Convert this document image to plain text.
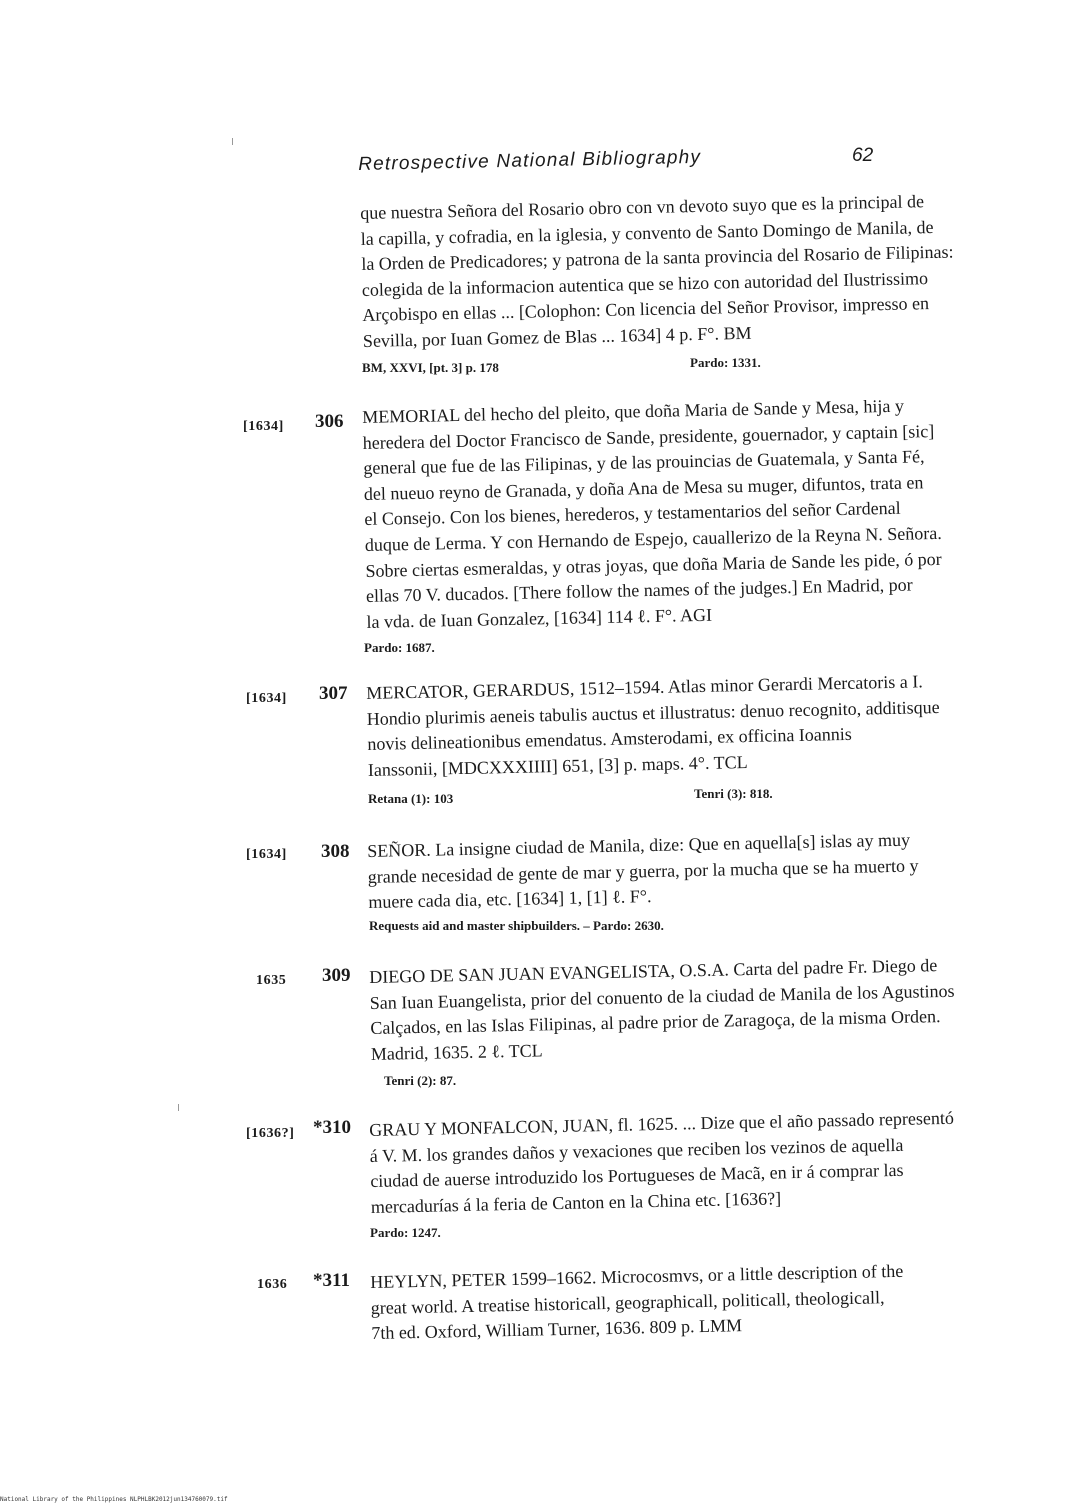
Retrospective National Bibliography	62
que nuestra Señora del Rosario obro con vn devoto suyo que es la principal de
la capilla, y cofradia, en la iglesia, y convento de Santo Domingo de Manila, de
la Orden de Predicadores; y patrona de la santa provincia del Rosario de Filipinas:
colegida de la informacion autentica que se hizo con autoridad del Ilustrissimo
Arçobispo en ellas ... [Colophon: Con licencia del Señor Provisor, impresso en
Sevilla, por Iuan Gomez de Blas ... 1634] 4 p. F°. BM
BM, XXVI, [pt. 3] p. 178	Pardo: 1331.
[1634] 306 MEMORIAL del hecho del pleito, que doña Maria de Sande y Mesa, hija y
heredera del Doctor Francisco de Sande, presidente, gouernador, y captain [sic]
general que fue de las Filipinas, y de las prouincias de Guatemala, y Santa Fé,
del nueuo reyno de Granada, y doña Ana de Mesa su muger, difuntos, trata en
el Consejo. Con los bienes, herederos, y testamentarios del señor Cardenal
duque de Lerma. Y con Hernando de Espejo, cauallerizo de la Reyna N. Señora.
Sobre ciertas esmeraldas, y otras joyas, que doña Maria de Sande les pide, ó por
ellas 70 V. ducados. [There follow the names of the judges.] En Madrid, por
la vda. de Iuan Gonzalez, [1634] 114 ℓ. F°. AGI
Pardo: 1687.
[1634] 307 MERCATOR, GERARDUS, 1512–1594. Atlas minor Gerardi Mercatoris a I.
Hondio plurimis aeneis tabulis auctus et illustratus: denuo recognito, additisque
novis delineationibus emendatus. Amsterodami, ex officina Ioannis
Ianssonii, [MDCXXXIIII] 651, [3] p. maps. 4°. TCL
Retana (1): 103	Tenri (3): 818.
[1634] 308 SEÑOR. La insigne ciudad de Manila, dize: Que en aquella[s] islas ay muy
grande necesidad de gente de mar y guerra, por la mucha que se ha muerto y
muere cada dia, etc. [1634] 1, [1] ℓ. F°.
Requests aid and master shipbuilders. – Pardo: 2630.
1635 309 DIEGO DE SAN JUAN EVANGELISTA, O.S.A. Carta del padre Fr. Diego de
San Iuan Euangelista, prior del conuento de la ciudad de Manila de los Agustinos
Calçados, en las Islas Filipinas, al padre prior de Zaragoça, de la misma Orden.
Madrid, 1635. 2 ℓ. TCL
Tenri (2): 87.
[1636?] *310 GRAU Y MONFALCON, JUAN, fl. 1625. ... Dize que el año passado representó
á V. M. los grandes daños y vexaciones que reciben los vezinos de aquella
ciudad de auerse introduzido los Portugueses de Macã, en ir á comprar las
mercadurías á la feria de Canton en la China etc. [1636?]
Pardo: 1247.
1636 *311 HEYLYN, PETER 1599–1662. Microcosmvs, or a little description of the
great world. A treatise historicall, geographicall, politicall, theologicall,
7th ed. Oxford, William Turner, 1636. 809 p. LMM
National Library of the Philippines NLPHLBK2012jun134760079.tif
